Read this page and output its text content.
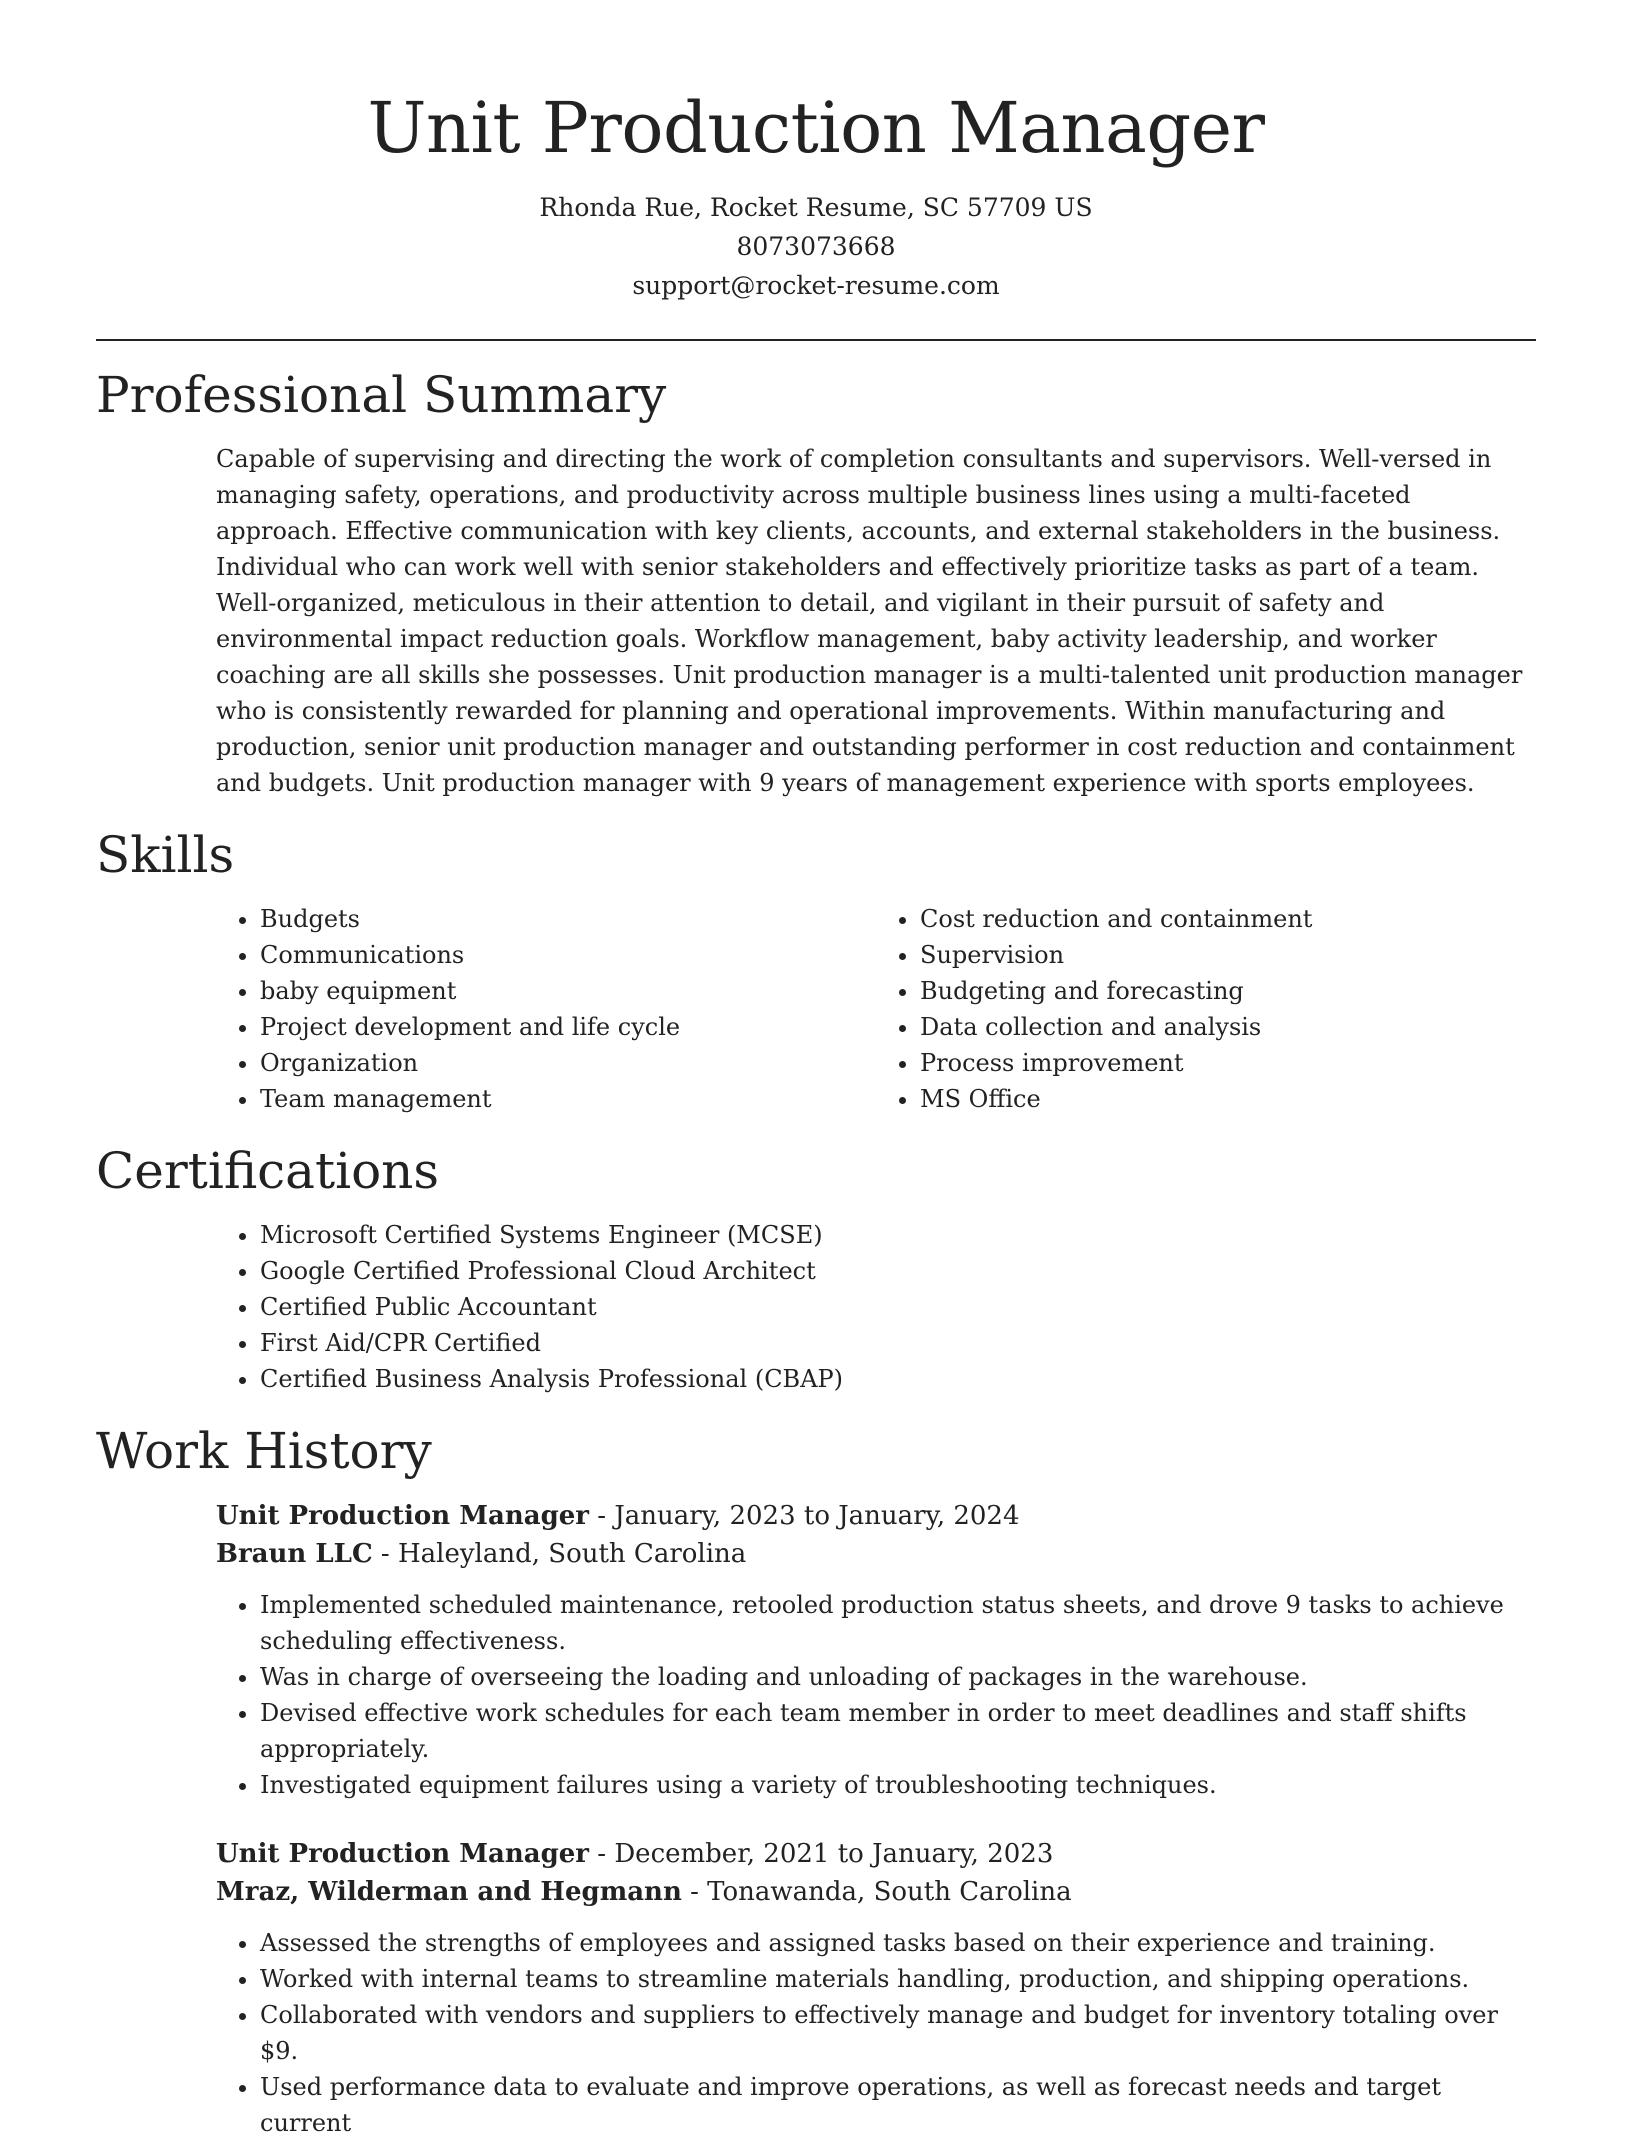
Unit Production Manager
Rhonda Rue, Rocket Resume, SC 57709 US
8073073668
support@rocket-resume.com
Professional Summary
Capable of supervising and directing the work of completion consultants and supervisors. Well-versed in managing safety, operations, and productivity across multiple business lines using a multi-faceted approach. Effective communication with key clients, accounts, and external stakeholders in the business. Individual who can work well with senior stakeholders and effectively prioritize tasks as part of a team. Well-organized, meticulous in their attention to detail, and vigilant in their pursuit of safety and environmental impact reduction goals. Workflow management, baby activity leadership, and worker coaching are all skills she possesses. Unit production manager is a multi-talented unit production manager who is consistently rewarded for planning and operational improvements. Within manufacturing and production, senior unit production manager and outstanding performer in cost reduction and containment and budgets. Unit production manager with 9 years of management experience with sports employees.
Skills
• Budgets
• Communications
• baby equipment
• Project development and life cycle
• Organization
• Team management
• Cost reduction and containment
• Supervision
• Budgeting and forecasting
• Data collection and analysis
• Process improvement
• MS Office
Certifications
• Microsoft Certified Systems Engineer (MCSE)
• Google Certified Professional Cloud Architect
• Certified Public Accountant
• First Aid/CPR Certified
• Certified Business Analysis Professional (CBAP)
Work History
Unit Production Manager - January, 2023 to January, 2024
Braun LLC - Haleyland, South Carolina
• Implemented scheduled maintenance, retooled production status sheets, and drove 9 tasks to achieve scheduling effectiveness.
• Was in charge of overseeing the loading and unloading of packages in the warehouse.
• Devised effective work schedules for each team member in order to meet deadlines and staff shifts appropriately.
• Investigated equipment failures using a variety of troubleshooting techniques.
Unit Production Manager - December, 2021 to January, 2023
Mraz, Wilderman and Hegmann - Tonawanda, South Carolina
• Assessed the strengths of employees and assigned tasks based on their experience and training.
• Worked with internal teams to streamline materials handling, production, and shipping operations.
• Collaborated with vendors and suppliers to effectively manage and budget for inventory totaling over $9.
• Used performance data to evaluate and improve operations, as well as forecast needs and target current
